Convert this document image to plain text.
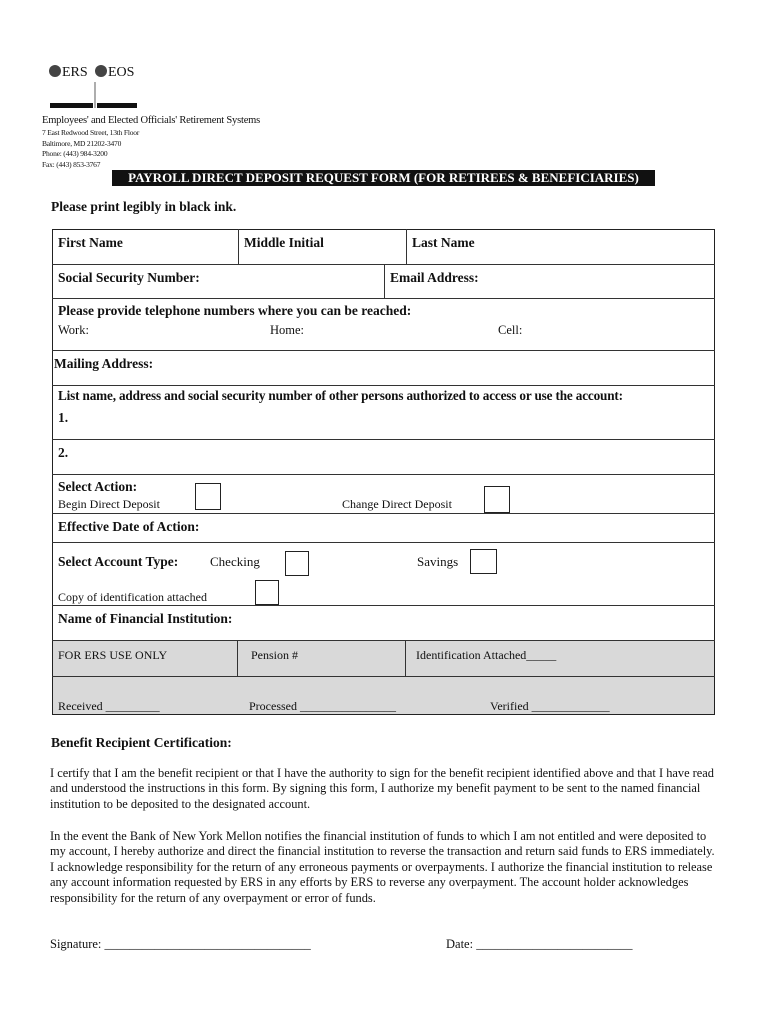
ERS EOS
Employees' and Elected Officials' Retirement Systems
7 East Redwood Street, 13th Floor
Baltimore, MD 21202-3470
Phone: (443) 984-3200
Fax: (443) 853-3767
PAYROLL DIRECT DEPOSIT REQUEST FORM (FOR RETIREES & BENEFICIARIES)
Please print legibly in black ink.
First Name	Middle Initial	Last Name
Social Security Number:	Email Address:
Please provide telephone numbers where you can be reached:
Work:	Home:	Cell:
Mailing Address:
List name, address and social security number of other persons authorized to access or use the account:
1.
2.
Select Action:
Begin Direct Deposit	Change Direct Deposit
Effective Date of Action:
Select Account Type: Checking	Savings
Copy of identification attached
Name of Financial Institution:
FOR ERS USE ONLY	Pension #	Identification Attached_____
Received _________	Processed ________________	Verified _____________
Benefit Recipient Certification:
I certify that I am the benefit recipient or that I have the authority to sign for the benefit recipient identified above and that I have read and understood the instructions in this form. By signing this form, I authorize my benefit payment to be sent to the named financial institution to be deposited to the designated account.
In the event the Bank of New York Mellon notifies the financial institution of funds to which I am not entitled and were deposited to my account, I hereby authorize and direct the financial institution to reverse the transaction and return said funds to ERS immediately. I acknowledge responsibility for the return of any erroneous payments or overpayments. I authorize the financial institution to release any account information requested by ERS in any efforts by ERS to reverse any overpayment. The account holder acknowledges responsibility for the return of any overpayment or error of funds.
Signature: _________________________________	Date: _________________________
